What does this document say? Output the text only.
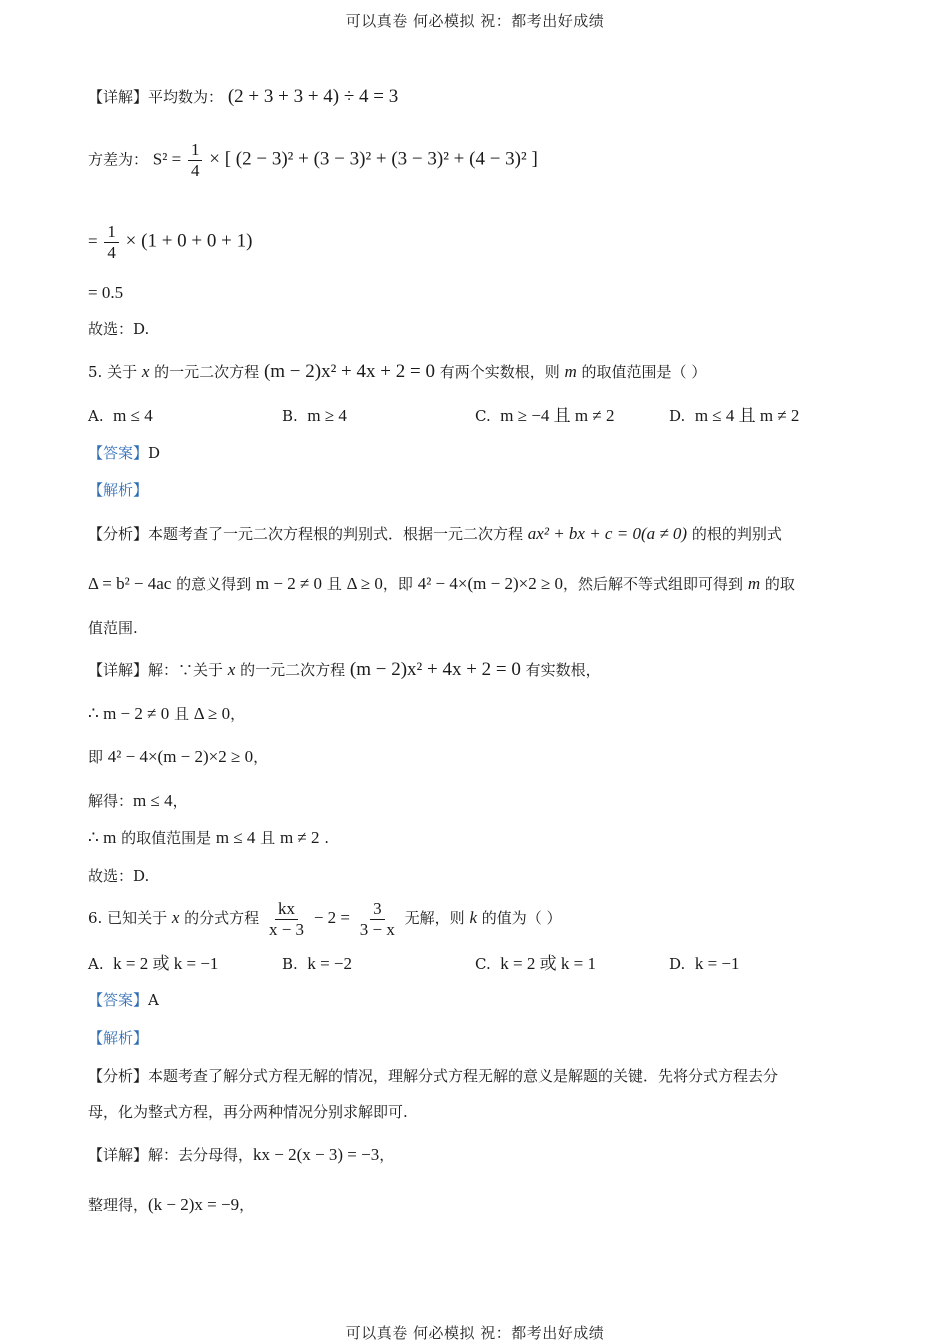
可以真卷 何必模拟 祝：都考出好成绩
【详解】平均数为： (2 + 3 + 3 + 4) ÷ 4 = 3
方差为： $S^2 = \frac{1}{4}$ × [ (2 − 3)² + (3 − 3)² + (3 − 3)² + (4 − 3)² ]
= $\frac{1}{4} \times (1 + 0 + 0 + 1)$
= 0.5
故选：D.
5. 关于 x 的一元二次方程 (m − 2)x² + 4x + 2 = 0 有两个实数根，则 m 的取值范围是（ ）
A. m ≤ 4	B. m ≥ 4	C. m ≥ −4 且 m ≠ 2	D. m ≤ 4 且 m ≠ 2
【答案】D
【解析】
【分析】本题考查了一元二次方程根的判别式．根据一元二次方程 ax² + bx + c = 0(a ≠ 0) 的根的判别式
Δ = b² − 4ac 的意义得到 m − 2 ≠ 0 且 Δ ≥ 0，即 4² − 4×(m − 2)×2 ≥ 0，然后解不等式组即可得到 m 的取
值范围.
【详解】解：∵关于 x 的一元二次方程 (m − 2)x² + 4x + 2 = 0 有实数根，
∴ m − 2 ≠ 0 且 Δ ≥ 0，
即 4² − 4×(m − 2)×2 ≥ 0，
解得：m ≤ 4，
∴ m 的取值范围是 m ≤ 4 且 m ≠ 2 .
故选：D.
6. 已知关于 x 的分式方程 $\frac{kx}{x - 3} - 2 = \frac{3}{3 - x}$ 无解，则 k 的值为（ ）
A. k = 2 或 k = −1	B. k = −2	C. k = 2 或 k = 1	D. k = −1
【答案】A
【解析】
【分析】本题考查了解分式方程无解的情况，理解分式方程无解的意义是解题的关键．先将分式方程去分
母，化为整式方程，再分两种情况分别求解即可.
【详解】解：去分母得，kx − 2(x − 3) = −3，
整理得，(k − 2)x = −9，
可以真卷 何必模拟 祝：都考出好成绩
